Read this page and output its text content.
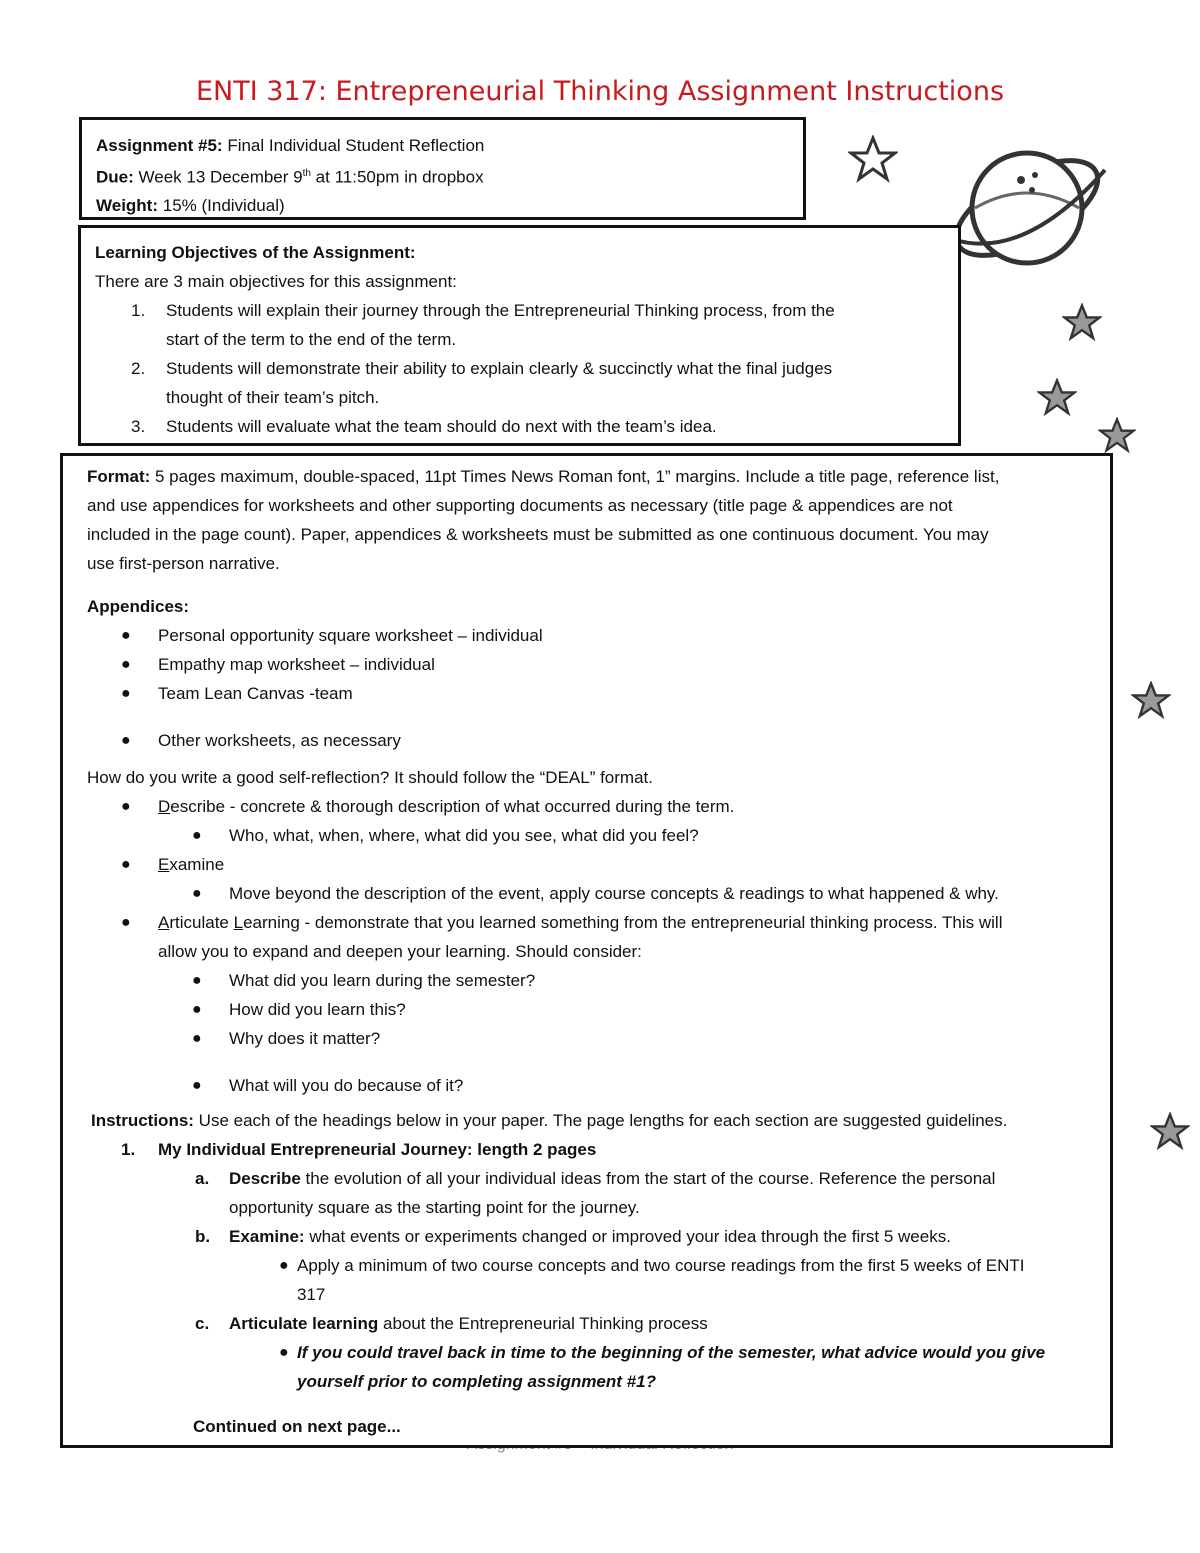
ENTI 317: Entrepreneurial Thinking Assignment Instructions
Assignment #5: Final Individual Student Reflection
Due: Week 13 December 9th at 11:50pm in dropbox
Weight: 15% (Individual)
Learning Objectives of the Assignment:
There are 3 main objectives for this assignment:
1. Students will explain their journey through the Entrepreneurial Thinking process, from the
start of the term to the end of the term.
2. Students will demonstrate their ability to explain clearly & succinctly what the final judges
thought of their team’s pitch.
3. Students will evaluate what the team should do next with the team’s idea.
Format: 5 pages maximum, double-spaced, 11pt Times News Roman font, 1” margins. Include a title page, reference list,
and use appendices for worksheets and other supporting documents as necessary (title page & appendices are not
included in the page count). Paper, appendices & worksheets must be submitted as one continuous document. You may
use first-person narrative.
Appendices:
● Personal opportunity square worksheet – individual
● Empathy map worksheet – individual
● Team Lean Canvas -team
● Other worksheets, as necessary
How do you write a good self-reflection? It should follow the “DEAL” format.
● Describe - concrete & thorough description of what occurred during the term.
● Who, what, when, where, what did you see, what did you feel?
● Examine
● Move beyond the description of the event, apply course concepts & readings to what happened & why.
● Articulate Learning - demonstrate that you learned something from the entrepreneurial thinking process. This will
allow you to expand and deepen your learning. Should consider:
● What did you learn during the semester?
● How did you learn this?
● Why does it matter?
● What will you do because of it?
Instructions: Use each of the headings below in your paper. The page lengths for each section are suggested guidelines.
1. My Individual Entrepreneurial Journey: length 2 pages
a. Describe the evolution of all your individual ideas from the start of the course. Reference the personal
opportunity square as the starting point for the journey.
b. Examine: what events or experiments changed or improved your idea through the first 5 weeks.
● Apply a minimum of two course concepts and two course readings from the first 5 weeks of ENTI
317
c. Articulate learning about the Entrepreneurial Thinking process
● If you could travel back in time to the beginning of the semester, what advice would you give
yourself prior to completing assignment #1?
Continued on next page...
